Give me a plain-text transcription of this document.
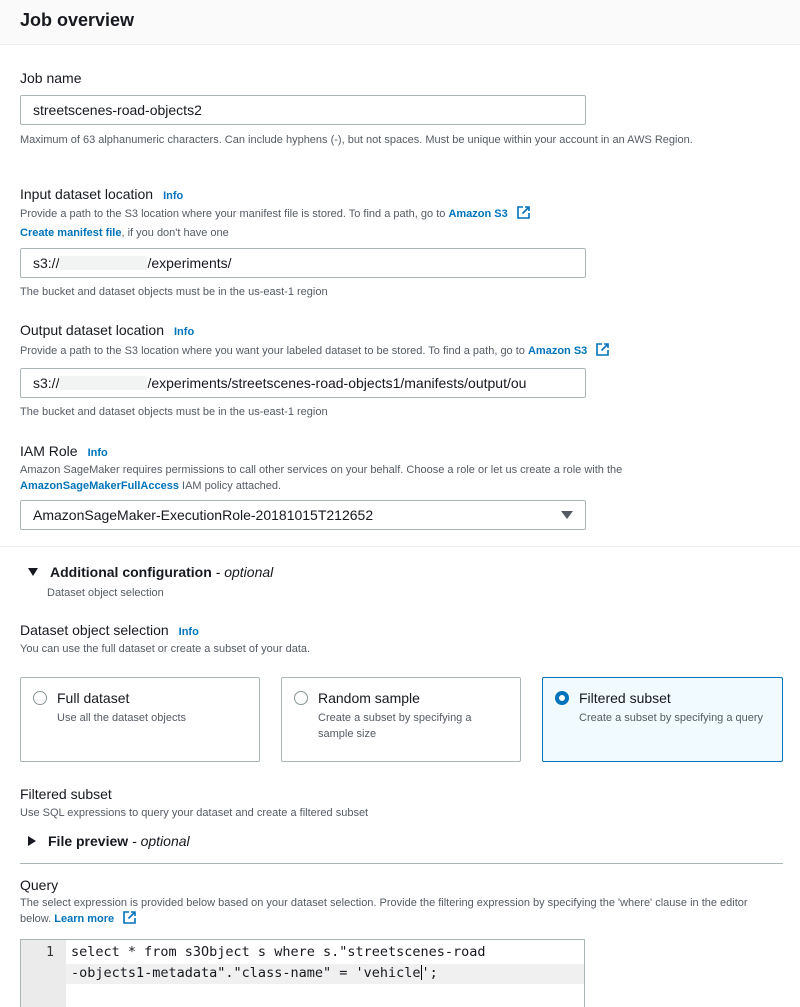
Job overview
Job name
streetscenes-road-objects2
Maximum of 63 alphanumeric characters. Can include hyphens (-), but not spaces. Must be unique within your account in an AWS Region.
Input dataset location Info
Provide a path to the S3 location where your manifest file is stored. To find a path, go to Amazon S3
Create manifest file, if you don't have one
s3://	/experiments/
The bucket and dataset objects must be in the us-east-1 region
Output dataset location Info
Provide a path to the S3 location where you want your labeled dataset to be stored. To find a path, go to Amazon S3
s3://	/experiments/streetscenes-road-objects1/manifests/output/ou
The bucket and dataset objects must be in the us-east-1 region
IAM Role Info
Amazon SageMaker requires permissions to call other services on your behalf. Choose a role or let us create a role with the AmazonSageMakerFullAccess IAM policy attached.
AmazonSageMaker-ExecutionRole-20181015T212652
Additional configuration - optional
Dataset object selection
Dataset object selection Info
You can use the full dataset or create a subset of your data.
Full dataset
Use all the dataset objects
Random sample
Create a subset by specifying a sample size
Filtered subset
Create a subset by specifying a query
Filtered subset
Use SQL expressions to query your dataset and create a filtered subset
File preview - optional
Query
The select expression is provided below based on your dataset selection. Provide the filtering expression by specifying the 'where' clause in the editor below. Learn more
1 select * from s3Object s where s."streetscenes-road
-objects1-metadata"."class-name" = 'vehicle';
